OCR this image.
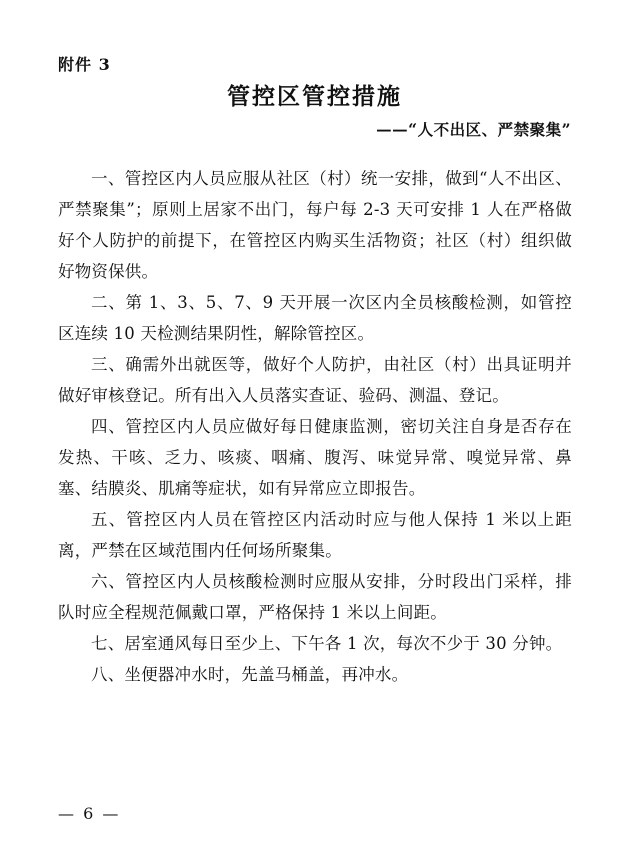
附件 3
管控区管控措施
——“人不出区、严禁聚集”

一、管控区内人员应服从社区（村）统一安排，做到“人不出区、严禁聚集”；原则上居家不出门，每户每 2-3 天可安排 1 人在严格做好个人防护的前提下，在管控区内购买生活物资；社区（村）组织做好物资保供。

二、第 1、3、5、7、9 天开展一次区内全员核酸检测，如管控区连续 10 天检测结果阴性，解除管控区。

三、确需外出就医等，做好个人防护，由社区（村）出具证明并做好审核登记。所有出入人员落实查证、验码、测温、登记。

四、管控区内人员应做好每日健康监测，密切关注自身是否存在发热、干咳、乏力、咳痰、咽痛、腹泻、味觉异常、嗅觉异常、鼻塞、结膜炎、肌痛等症状，如有异常应立即报告。

五、管控区内人员在管控区内活动时应与他人保持 1 米以上距离，严禁在区域范围内任何场所聚集。

六、管控区内人员核酸检测时应服从安排，分时段出门采样，排队时应全程规范佩戴口罩，严格保持 1 米以上间距。

七、居室通风每日至少上、下午各 1 次，每次不少于 30 分钟。

八、坐便器冲水时，先盖马桶盖，再冲水。

— 6 —
